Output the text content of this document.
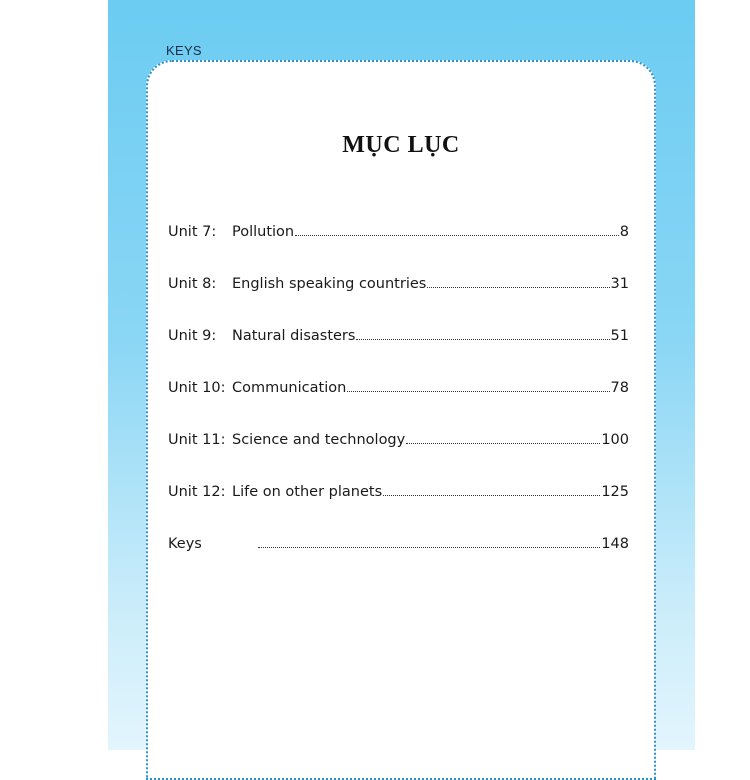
KEYS
MỤC LỤC
Unit 7:	Pollution	8
Unit 8:	English speaking countries	31
Unit 9:	Natural disasters	51
Unit 10: Communication	78
Unit 11: Science and technology	100
Unit 12: Life on other planets	125
Keys	148
